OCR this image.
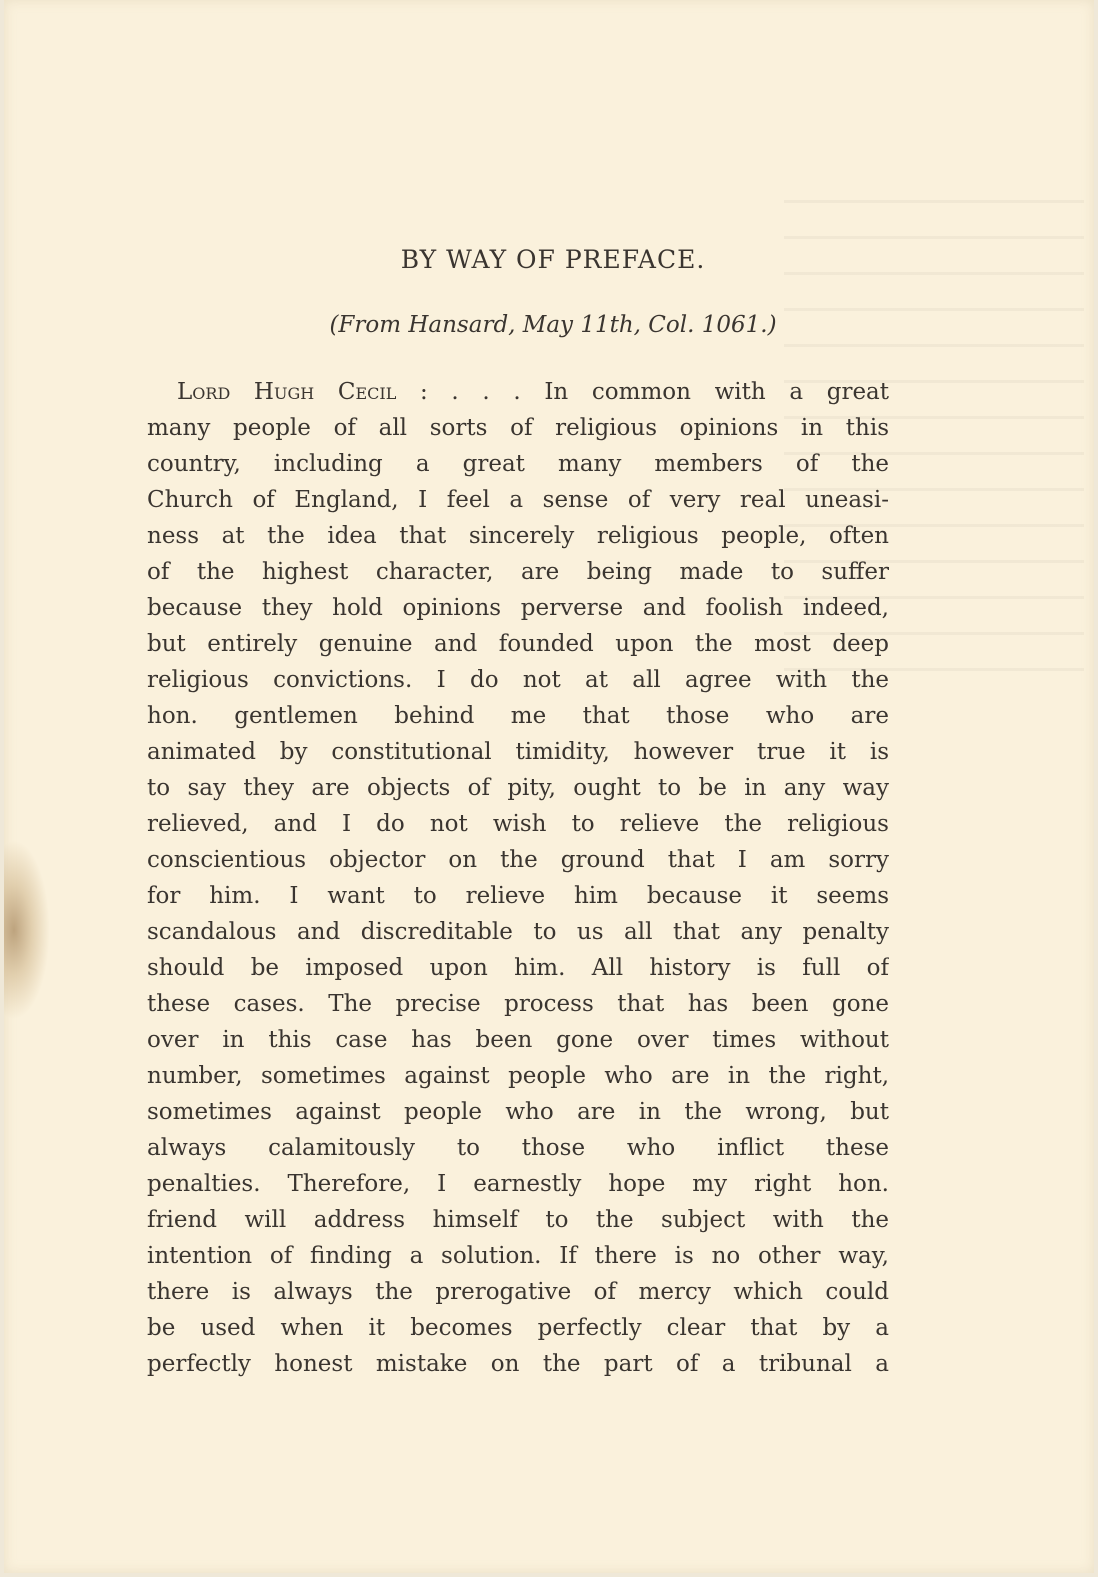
BY WAY OF PREFACE.

(From Hansard, May 11th, Col. 1061.)

Lord Hugh Cecil : . . . In common with a great
many people of all sorts of religious opinions in this
country, including a great many members of the
Church of England, I feel a sense of very real uneasi-
ness at the idea that sincerely religious people, often
of the highest character, are being made to suffer
because they hold opinions perverse and foolish indeed,
but entirely genuine and founded upon the most deep
religious convictions. I do not at all agree with the
hon. gentlemen behind me that those who are
animated by constitutional timidity, however true it is
to say they are objects of pity, ought to be in any way
relieved, and I do not wish to relieve the religious
conscientious objector on the ground that I am sorry
for him. I want to relieve him because it seems
scandalous and discreditable to us all that any penalty
should be imposed upon him. All history is full of
these cases. The precise process that has been gone
over in this case has been gone over times without
number, sometimes against people who are in the right,
sometimes against people who are in the wrong, but
always calamitously to those who inflict these
penalties. Therefore, I earnestly hope my right hon.
friend will address himself to the subject with the
intention of finding a solution. If there is no other way,
there is always the prerogative of mercy which could
be used when it becomes perfectly clear that by a
perfectly honest mistake on the part of a tribunal a
